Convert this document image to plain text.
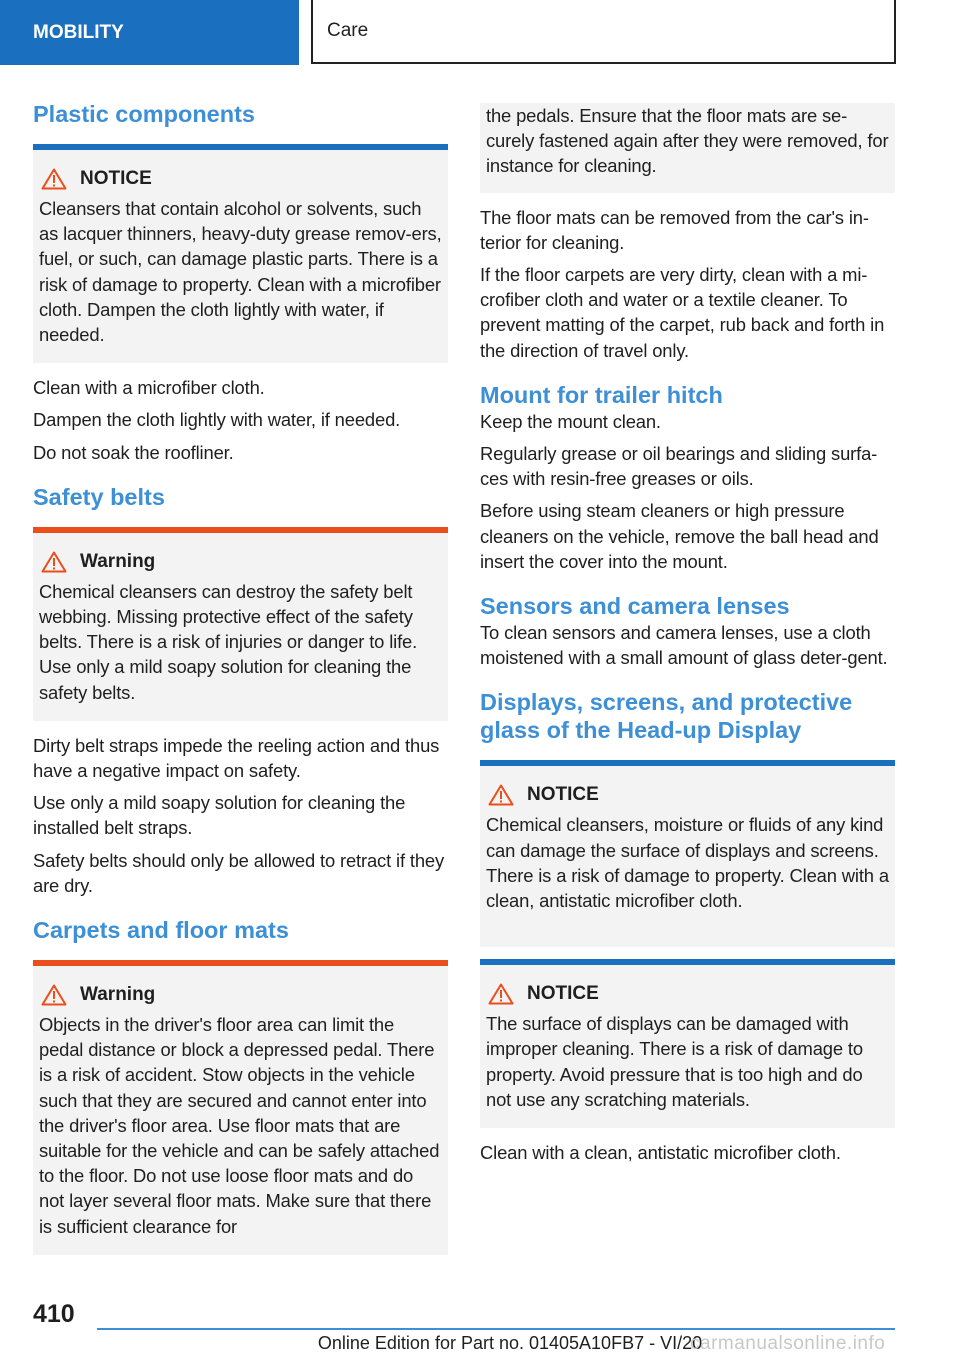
MOBILITY	Care
Plastic components
NOTICE

Cleansers that contain alcohol or solvents, such as lacquer thinners, heavy-duty grease remov-ers, fuel, or such, can damage plastic parts. There is a risk of damage to property. Clean with a microfiber cloth. Dampen the cloth lightly with water, if needed.

Clean with a microfiber cloth.

Dampen the cloth lightly with water, if needed.

Do not soak the roofliner.

Safety belts
Warning

Chemical cleansers can destroy the safety belt webbing. Missing protective effect of the safety belts. There is a risk of injuries or danger to life. Use only a mild soapy solution for cleaning the safety belts.

Dirty belt straps impede the reeling action and thus have a negative impact on safety.

Use only a mild soapy solution for cleaning the installed belt straps.

Safety belts should only be allowed to retract if they are dry.

Carpets and floor mats
Warning

Objects in the driver's floor area can limit the pedal distance or block a depressed pedal. There is a risk of accident. Stow objects in the vehicle such that they are secured and cannot enter into the driver's floor area. Use floor mats that are suitable for the vehicle and can be safely attached to the floor. Do not use loose floor mats and do not layer several floor mats. Make sure that there is sufficient clearance for

the pedals. Ensure that the floor mats are se-curely fastened again after they were removed, for instance for cleaning.

The floor mats can be removed from the car's in-terior for cleaning.

If the floor carpets are very dirty, clean with a mi-crofiber cloth and water or a textile cleaner. To prevent matting of the carpet, rub back and forth in the direction of travel only.

Mount for trailer hitch

Keep the mount clean.

Regularly grease or oil bearings and sliding surfa-ces with resin-free greases or oils.

Before using steam cleaners or high pressure cleaners on the vehicle, remove the ball head and insert the cover into the mount.

Sensors and camera lenses

To clean sensors and camera lenses, use a cloth moistened with a small amount of glass deter-gent.

Displays, screens, and protective
glass of the Head-up Display
NOTICE

Chemical cleansers, moisture or fluids of any kind can damage the surface of displays and screens. There is a risk of damage to property. Clean with a clean, antistatic microfiber cloth.

NOTICE

The surface of displays can be damaged with improper cleaning. There is a risk of damage to property. Avoid pressure that is too high and do not use any scratching materials.

Clean with a clean, antistatic microfiber cloth.

410
Online Edition for Part no. 01405A10FB7 - VI/20
carmanualsonline.info
